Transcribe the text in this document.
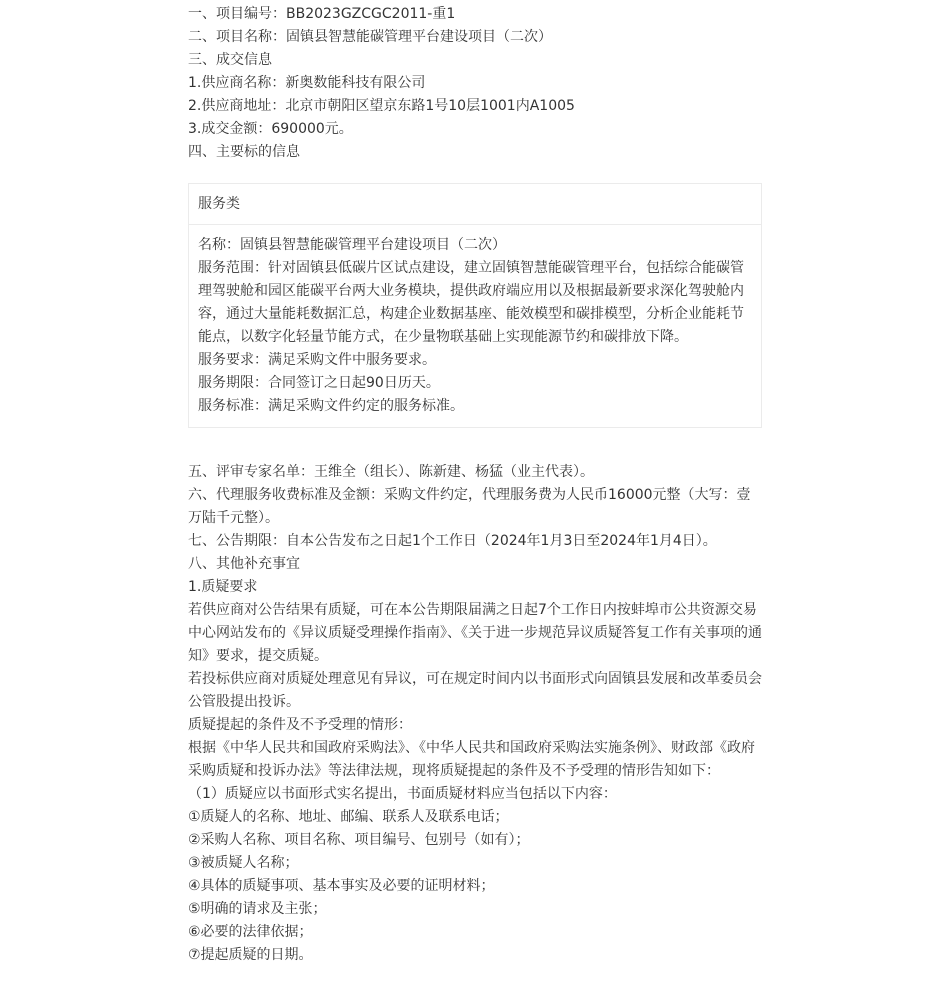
一、项目编号：BB2023GZCGC2011-重1

二、项目名称：固镇县智慧能碳管理平台建设项目（二次）

三、成交信息

1.供应商名称：新奥数能科技有限公司

2.供应商地址：北京市朝阳区望京东路1号10层1001内A1005

3.成交金额：690000元。

四、主要标的信息

服务类

名称：固镇县智慧能碳管理平台建设项目（二次）

服务范围：针对固镇县低碳片区试点建设，建立固镇智慧能碳管理平台，包括综合能碳管理驾驶舱和园区能碳平台两大业务模块，提供政府端应用以及根据最新要求深化驾驶舱内容，通过大量能耗数据汇总，构建企业数据基座、能效模型和碳排模型，分析企业能耗节能点，以数字化轻量节能方式，在少量物联基础上实现能源节约和碳排放下降。

服务要求：满足采购文件中服务要求。

服务期限：合同签订之日起90日历天。

服务标准：满足采购文件约定的服务标准。

五、评审专家名单：王维全（组长）、陈新建、杨猛（业主代表）。

六、代理服务收费标准及金额：采购文件约定，代理服务费为人民币16000元整（大写：壹万陆千元整）。

七、公告期限：自本公告发布之日起1个工作日（2024年1月3日至2024年1月4日）。

八、其他补充事宜

1.质疑要求

若供应商对公告结果有质疑，可在本公告期限届满之日起7个工作日内按蚌埠市公共资源交易中心网站发布的《异议质疑受理操作指南》、《关于进一步规范异议质疑答复工作有关事项的通知》要求，提交质疑。

若投标供应商对质疑处理意见有异议，可在规定时间内以书面形式向固镇县发展和改革委员会公管股提出投诉。

质疑提起的条件及不予受理的情形：

根据《中华人民共和国政府采购法》、《中华人民共和国政府采购法实施条例》、财政部《政府采购质疑和投诉办法》等法律法规，现将质疑提起的条件及不予受理的情形告知如下：

（1）质疑应以书面形式实名提出，书面质疑材料应当包括以下内容：

①质疑人的名称、地址、邮编、联系人及联系电话；

②采购人名称、项目名称、项目编号、包别号（如有）；

③被质疑人名称；

④具体的质疑事项、基本事实及必要的证明材料；

⑤明确的请求及主张；

⑥必要的法律依据；

⑦提起质疑的日期。
